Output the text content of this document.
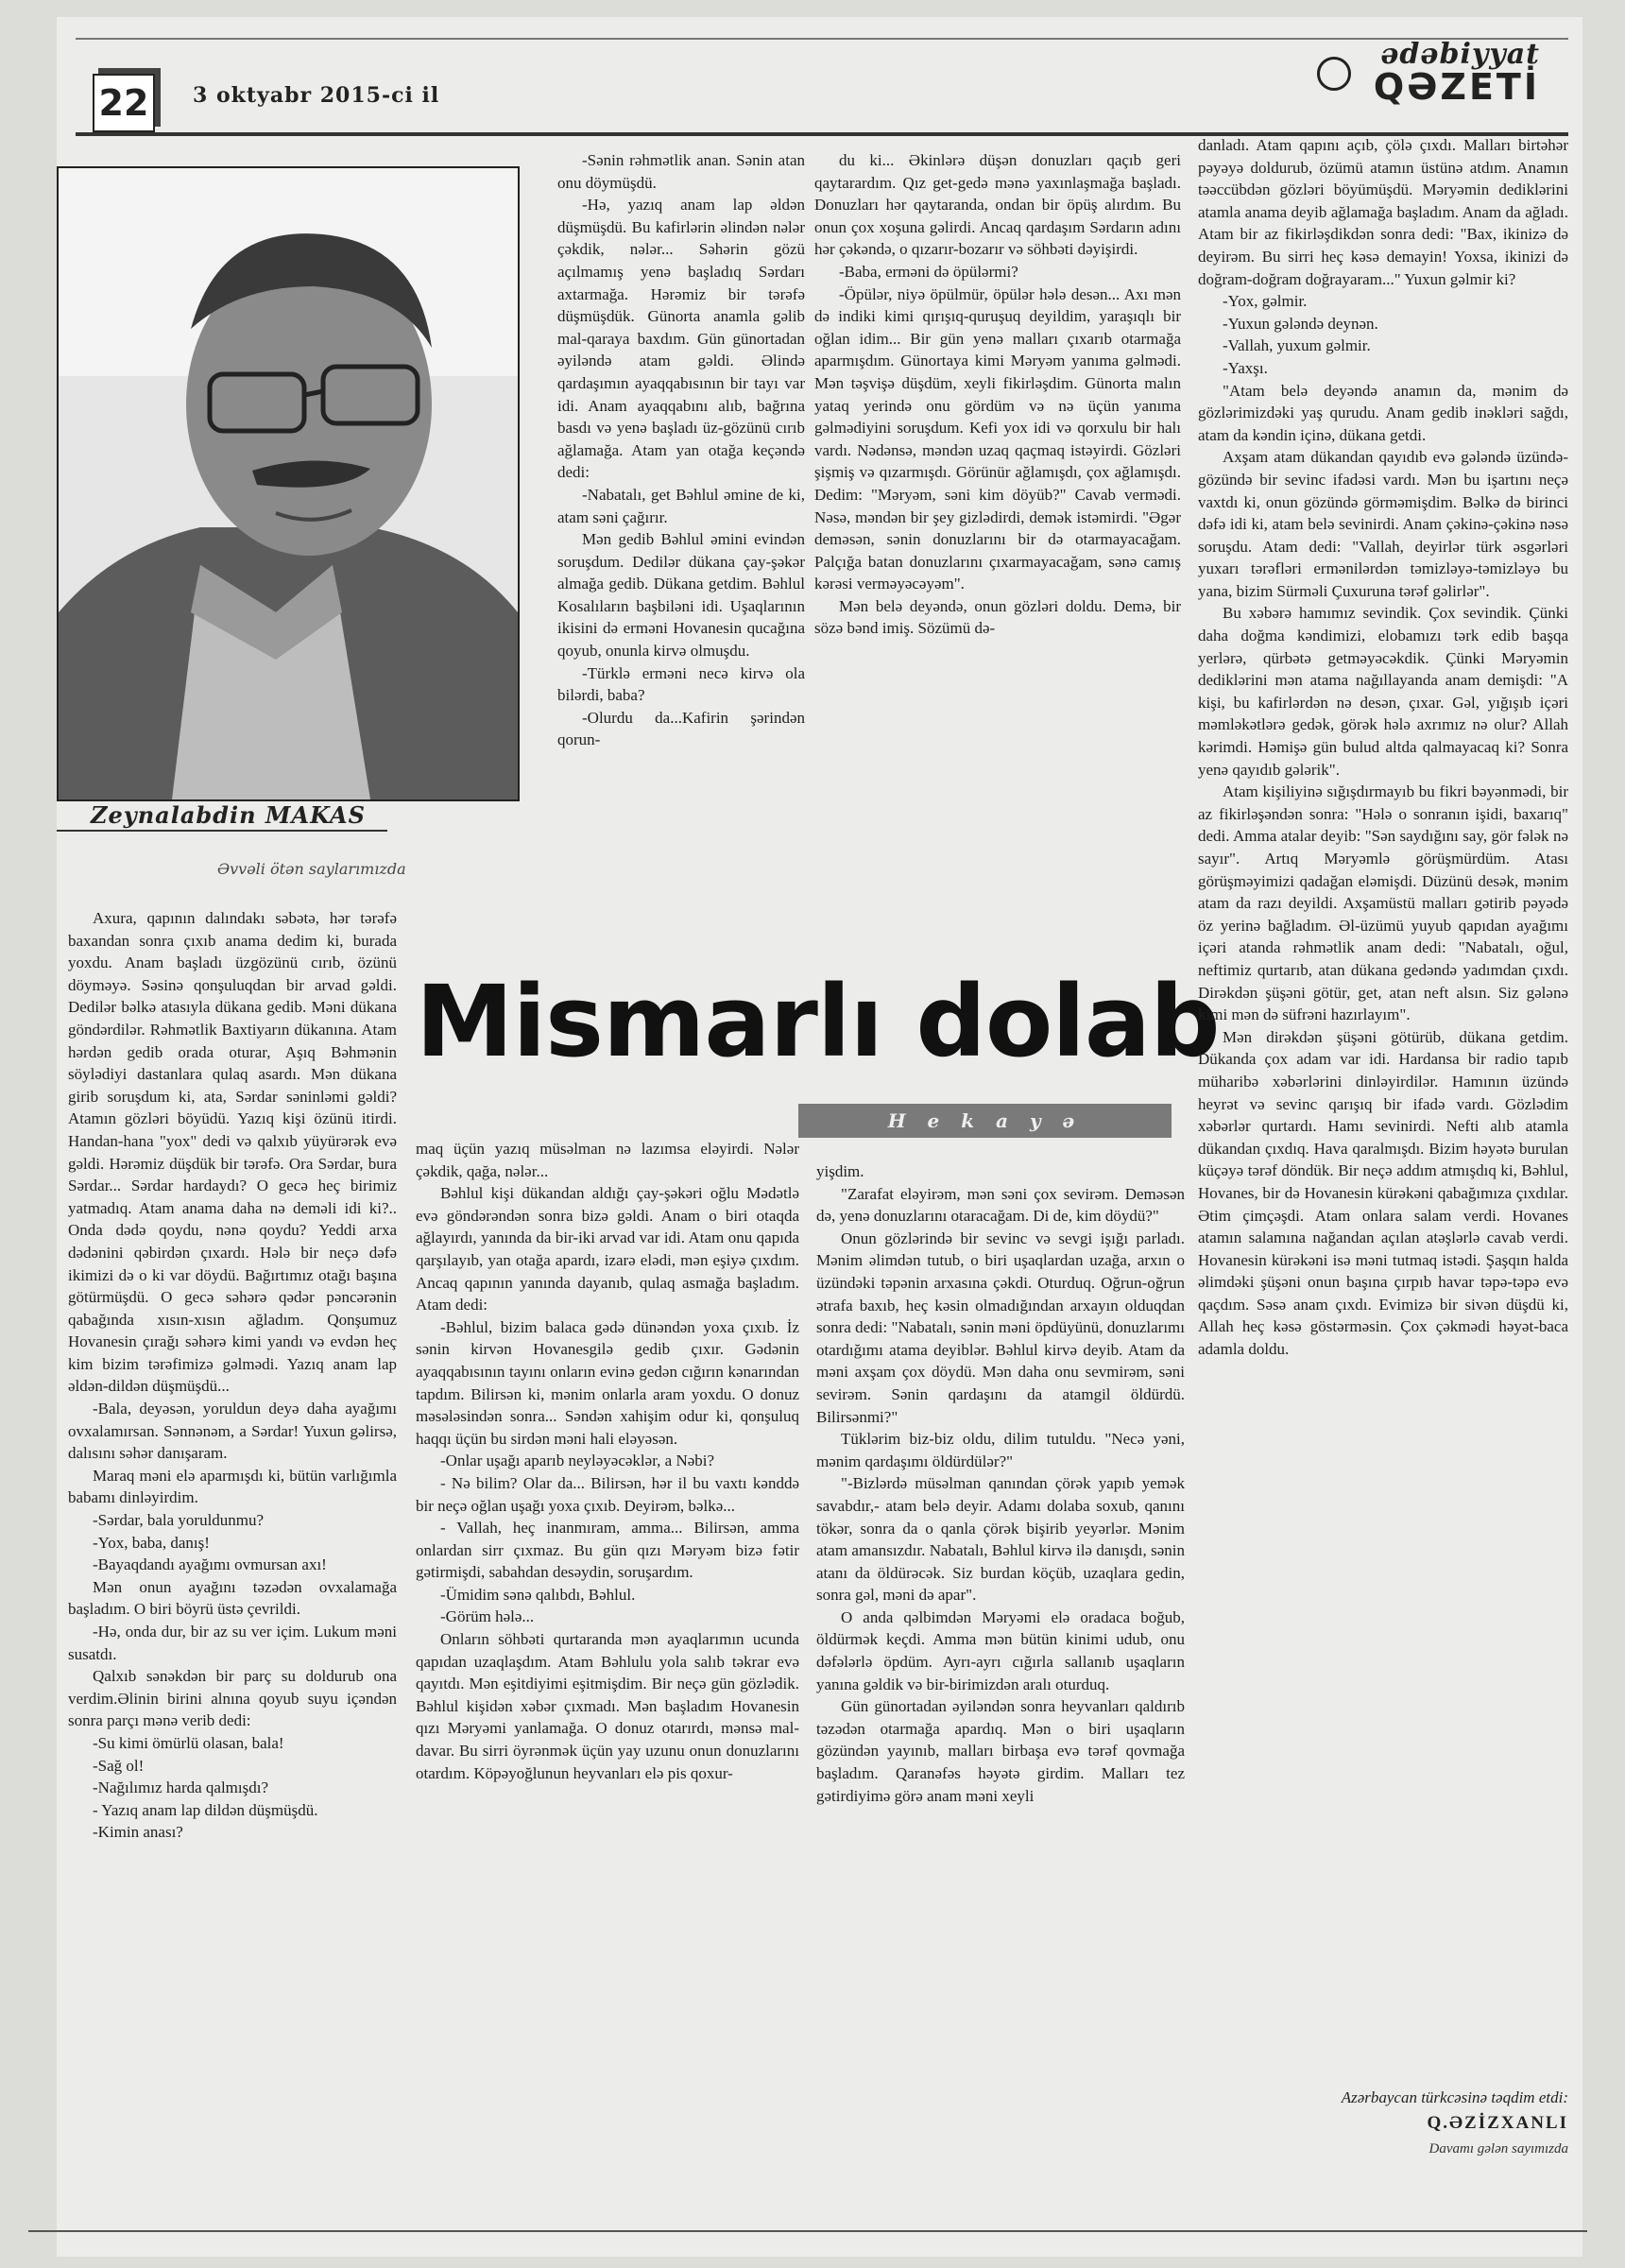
22 3 oktyabr 2015-ci il
ədəbiyyat
QƏZETİ
Zeynalabdin MAKAS
Əvvəli ötən saylarımızda

Axura, qapının dalındakı səbətə, hər tərəfə baxandan sonra çıxıb anama dedim ki, burada yoxdu. Anam başladı üzgözünü cırıb, özünü döyməyə. Səsinə qonşuluqdan bir arvad gəldi. Dedilər bəlkə atasıyla dükana gedib. Məni dükana göndərdilər. Rəhmətlik Baxtiyarın dükanına. Atam hərdən gedib orada oturar, Aşıq Bəhmənin söylədiyi dastanlara qulaq asardı. Mən dükana girib soruşdum ki, ata, Sərdar səninləmi gəldi? Atamın gözləri böyüdü. Yazıq kişi özünü itirdi. Handan-hana "yox" dedi və qalxıb yüyürərək evə gəldi. Hərəmiz düşdük bir tərəfə. Ora Sərdar, bura Sərdar... Sərdar hardaydı? O gecə heç birimiz yatmadıq. Atam anama daha nə deməli idi ki?.. Onda dədə qoydu, nənə qoydu? Yeddi arxa dədənini qəbirdən çıxardı. Hələ bir neçə dəfə ikimizi də o ki var döydü. Bağırtımız otağı başına götürmüşdü. O gecə səhərə qədər pəncərənin qabağında xısın-xısın ağladım. Qonşumuz Hovanesin çırağı səhərə kimi yandı və evdən heç kim bizim tərəfimizə gəlmədi. Yazıq anam lap əldən-dildən düşmüşdü...

-Bala, deyəsən, yoruldun deyə daha ayağımı ovxalamırsan. Sənnənəm, a Sərdar! Yuxun gəlirsə, dalısını səhər danışaram.

Maraq məni elə aparmışdı ki, bütün varlığımla babamı dinləyirdim.

-Sərdar, bala yoruldunmu?

-Yox, baba, danış!

-Bayaqdandı ayağımı ovmursan axı!

Mən onun ayağını təzədən ovxalamağa başladım. O biri böyrü üstə çevrildi.

-Hə, onda dur, bir az su ver içim. Lukum məni susatdı.

Qalxıb sənəkdən bir parç su doldurub ona verdim.Əlinin birini alnına qoyub suyu içəndən sonra parçı mənə verib dedi:

-Su kimi ömürlü olasan, bala!

-Sağ ol!

-Nağılımız harda qalmışdı?

- Yazıq anam lap dildən düşmüşdü.

-Kimin anası?

-Sənin rəhmətlik anan. Sənin atan onu döymüşdü.

-Hə, yazıq anam lap əldən düşmüşdü. Bu kafirlərin əlindən nələr çəkdik, nələr... Səhərin gözü açılmamış yenə başladıq Sərdarı axtarmağa. Hərəmiz bir tərəfə düşmüşdük. Günorta anamla gəlib mal-qaraya baxdım. Gün günortadan əyiləndə atam gəldi. Əlində qardaşımın ayaqqabısının bir tayı var idi. Anam ayaqqabını alıb, bağrına basdı və yenə başladı üz-gözünü cırıb ağlamağa. Atam yan otağa keçəndə dedi:

-Nabatalı, get Bəhlul əmine de ki, atam səni çağırır.

Mən gedib Bəhlul əmini evindən soruşdum. Dedilər dükana çay-şəkər almağa gedib. Dükana getdim. Bəhlul Kosalıların başbiləni idi. Uşaqlarının ikisini də erməni Hovanesin qucağına qoyub, onunla kirvə olmuşdu.

-Türklə erməni necə kirvə ola bilərdi, baba?

-Olurdu da...Kafirin şərindən qorun-

du ki... Əkinlərə düşən donuzları qaçıb geri qaytarardım. Qız get-gedə mənə yaxınlaşmağa başladı. Donuzları hər qaytaranda, ondan bir öpüş alırdım. Bu onun çox xoşuna gəlirdi. Ancaq qardaşım Sərdarın adını hər çəkəndə, o qızarır-bozarır və söhbəti dəyişirdi.

-Baba, erməni də öpülərmi?

-Öpülər, niyə öpülmür, öpülər hələ desən... Axı mən də indiki kimi qırışıq-quruşuq deyildim, yaraşıqlı bir oğlan idim... Bir gün yenə malları çıxarıb otarmağa aparmışdım. Günortaya kimi Məryəm yanıma gəlmədi. Mən təşvişə düşdüm, xeyli fikirləşdim. Günorta malın yataq yerində onu gördüm və nə üçün yanıma gəlmədiyini soruşdum. Kefi yox idi və qorxulu bir halı vardı. Nədənsə, məndən uzaq qaçmaq istəyirdi. Gözləri şişmiş və qızarmışdı. Görünür ağlamışdı, çox ağlamışdı. Dedim: "Məryəm, səni kim döyüb?" Cavab vermədi. Nəsə, məndən bir şey gizlədirdi, demək istəmirdi. "Əgər deməsən, sənin donuzlarını bir də otarmayacağam. Palçığa batan donuzlarını çıxarmayacağam, sənə camış kərəsi verməyəcəyəm".

Mən belə deyəndə, onun gözləri doldu. Demə, bir sözə bənd imiş. Sözümü də-

Mismarlı dolab
H e k a y ə

maq üçün yazıq müsəlman nə lazımsa eləyirdi. Nələr çəkdik, qağa, nələr...

Bəhlul kişi dükandan aldığı çay-şəkəri oğlu Mədətlə evə göndərəndən sonra bizə gəldi. Anam o biri otaqda ağlayırdı, yanında da bir-iki arvad var idi. Atam onu qapıda qarşılayıb, yan otağa apardı, izarə elədi, mən eşiyə çıxdım. Ancaq qapının yanında dayanıb, qulaq asmağa başladım. Atam dedi:

-Bəhlul, bizim balaca gədə dünəndən yoxa çıxıb. İz sənin kirvən Hovanesgilə gedib çıxır. Gədənin ayaqqabısının tayını onların evinə gedən cığırın kənarından tapdım. Bilirsən ki, mənim onlarla aram yoxdu. O donuz məsələsindən sonra... Səndən xahişim odur ki, qonşuluq haqqı üçün bu sirdən məni hali eləyəsən.

-Onlar uşağı aparıb neyləyəcəklər, a Nəbi?

- Nə bilim? Olar da... Bilirsən, hər il bu vaxtı kənddə bir neçə oğlan uşağı yoxa çıxıb. Deyirəm, bəlkə...

- Vallah, heç inanmıram, amma... Bilirsən, amma onlardan sirr çıxmaz. Bu gün qızı Məryəm bizə fətir gətirmişdi, sabahdan desəydin, soruşardım.

-Ümidim sənə qalıbdı, Bəhlul.

-Görüm hələ...

Onların söhbəti qurtaranda mən ayaqlarımın ucunda qapıdan uzaqlaşdım. Atam Bəhlulu yola salıb təkrar evə qayıtdı. Mən eşitdiyimi eşitmişdim. Bir neçə gün gözlədik. Bəhlul kişidən xəbər çıxmadı. Mən başladım Hovanesin qızı Məryəmi yanlamağa. O donuz otarırdı, mənsə mal-davar. Bu sirri öyrənmək üçün yay uzunu onun donuzlarını otardım. Köpəyoğlunun heyvanları elə pis qoxur-

yişdim.

"Zarafat eləyirəm, mən səni çox sevirəm. Deməsən də, yenə donuzlarını otaracağam. Di de, kim döydü?"

Onun gözlərində bir sevinc və sevgi işığı parladı. Mənim əlimdən tutub, o biri uşaqlardan uzağa, arxın o üzündəki təpənin arxasına çəkdi. Oturduq. Oğrun-oğrun ətrafa baxıb, heç kəsin olmadığından arxayın olduqdan sonra dedi: "Nabatalı, sənin məni öpdüyünü, donuzlarımı otardığımı atama deyiblər. Bəhlul kirvə deyib. Atam da məni axşam çox döydü. Mən daha onu sevmirəm, səni sevirəm. Sənin qardaşını da atamgil öldürdü. Bilirsənmi?"

Tüklərim biz-biz oldu, dilim tutuldu. "Necə yəni, mənim qardaşımı öldürdülər?"

"-Bizlərdə müsəlman qanından çörək yapıb yemək savabdır,- atam belə deyir. Adamı dolaba soxub, qanını tökər, sonra da o qanla çörək bişirib yeyərlər. Mənim atam amansızdır. Nabatalı, Bəhlul kirvə ilə danışdı, sənin atanı da öldürəcək. Siz burdan köçüb, uzaqlara gedin, sonra gəl, məni də apar".

O anda qəlbimdən Məryəmi elə oradaca boğub, öldürmək keçdi. Amma mən bütün kinimi udub, onu dəfələrlə öpdüm. Ayrı-ayrı cığırla sallanıb uşaqların yanına gəldik və bir-birimizdən aralı oturduq.

Gün günortadan əyiləndən sonra heyvanları qaldırıb təzədən otarmağa apardıq. Mən o biri uşaqların gözündən yayınıb, malları birbaşa evə tərəf qovmağa başladım. Qaranəfəs həyətə girdim. Malları tez gətirdiyimə görə anam məni xeyli

danladı. Atam qapını açıb, çölə çıxdı. Malları birtəhər pəyəyə doldurub, özümü atamın üstünə atdım. Anamın təəccübdən gözləri böyümüşdü. Məryəmin dediklərini atamla anama deyib ağlamağa başladım. Anam da ağladı. Atam bir az fikirləşdikdən sonra dedi: "Bax, ikinizə də deyirəm. Bu sirri heç kəsə demayin! Yoxsa, ikinizi də doğram-doğram doğrayaram..." Yuxun gəlmir ki?

-Yox, gəlmir.

-Yuxun gələndə deynən.

-Vallah, yuxum gəlmir.

-Yaxşı.

"Atam belə deyəndə anamın da, mənim də gözlərimizdəki yaş qurudu. Anam gedib inəkləri sağdı, atam da kəndin içinə, dükana getdi.

Axşam atam dükandan qayıdıb evə gələndə üzündə-gözündə bir sevinc ifadəsi vardı. Mən bu işartını neçə vaxtdı ki, onun gözündə görməmişdim. Bəlkə də birinci dəfə idi ki, atam belə sevinirdi. Anam çəkinə-çəkinə nəsə soruşdu. Atam dedi: "Vallah, deyirlər türk əsgərləri yuxarı tərəfləri ermənilərdən təmizləyə-təmizləyə bu yana, bizim Sürməli Çuxuruna tərəf gəlirlər".

Bu xəbərə hamımız sevindik. Çox sevindik. Çünki daha doğma kəndimizi, elobamızı tərk edib başqa yerlərə, qürbətə getməyəcəkdik. Çünki Məryəmin dediklərini mən atama nağıllayanda anam demişdi: "A kişi, bu kafirlərdən nə desən, çıxar. Gəl, yığışıb içəri məmləkətlərə gedək, görək hələ axrımız nə olur? Allah kərimdi. Həmişə gün bulud altda qalmayacaq ki? Sonra yenə qayıdıb gələrik".

Atam kişiliyinə sığışdırmayıb bu fikri bəyənmədi, bir az fikirləşəndən sonra: "Hələ o sonranın işidi, baxarıq" dedi. Amma atalar deyib: "Sən saydığını say, gör fələk nə sayır". Artıq Məryəmlə görüşmürdüm. Atası görüşməyimizi qadağan eləmişdi. Düzünü desək, mənim atam da razı deyildi. Axşamüstü malları gətirib pəyədə öz yerinə bağladım. Əl-üzümü yuyub qapıdan ayağımı içəri atanda rəhmətlik anam dedi: "Nabatalı, oğul, neftimiz qurtarıb, atan dükana gedəndə yadımdan çıxdı. Dirəkdən şüşəni götür, get, atan neft alsın. Siz gələnə kimi mən də süfrəni hazırlayım".

Mən dirəkdən şüşəni götürüb, dükana getdim. Dükanda çox adam var idi. Hardansa bir radio tapıb müharibə xəbərlərini dinləyirdilər. Hamının üzündə heyrət və sevinc qarışıq bir ifadə vardı. Gözlədim xəbərlər qurtardı. Hamı sevinirdi. Nefti alıb atamla dükandan çıxdıq. Hava qaralmışdı. Bizim həyətə burulan küçəyə tərəf döndük. Bir neçə addım atmışdıq ki, Bəhlul, Hovanes, bir də Hovanesin kürəkəni qabağımıza çıxdılar. Ətim çimçəşdi. Atam onlara salam verdi. Hovanes atamın salamına nağandan açılan atəşlərlə cavab verdi. Hovanesin kürəkəni isə məni tutmaq istədi. Şaşqın halda əlimdəki şüşəni onun başına çırpıb havar təpə-təpə evə qaçdım. Səsə anam çıxdı. Evimizə bir sivən düşdü ki, Allah heç kəsə göstərməsin. Çox çəkmədi həyət-baca adamla doldu.

Azərbaycan türkcəsinə təqdim etdi:
Q.ƏZİZXANLI
Davamı gələn sayımızda
